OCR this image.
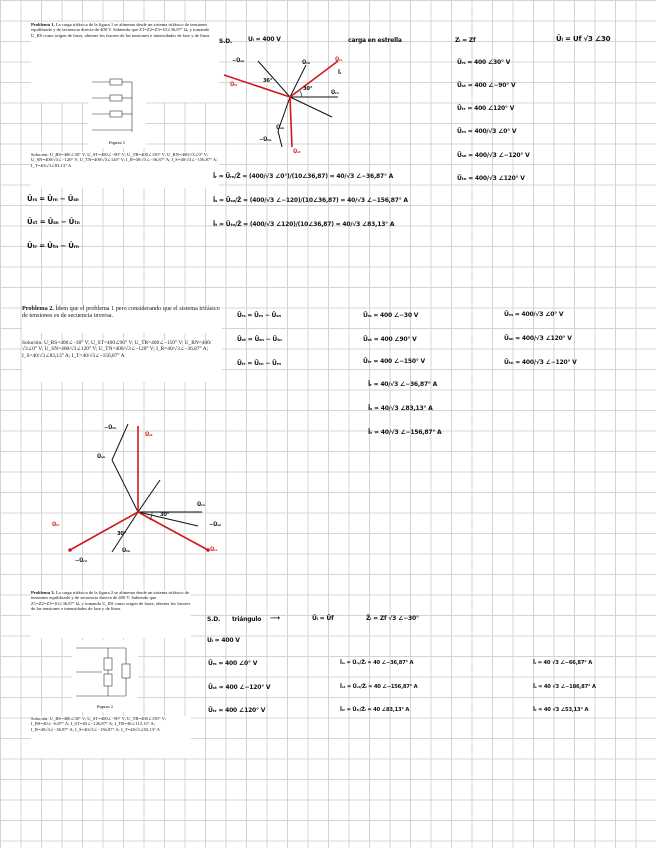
Problema 1. La carga trifásica de la figura 1 se alimenta desde un sistema trifásico de tensiones equilibrado y de secuencia directa de 400 V. Sabiendo que Z1=Z2=Z3=10∠36,87° Ω, y tomando U_RS como origen de fases, obtener los fasores de las tensiones e intensidades de fase y de línea.
Figura 1
Solución: U_RS=400∠30° V; U_ST=400∠−90° V; U_TR=400∠150° V; U_RN=400/√3∠0° V; U_SN=400/√3∠−120° V; U_TN=400/√3∠120° V; I_R=40/√3∠−36,87° A; I_S=40/√3∠−156,87° A; I_T=40/√3∠83,13° A
Ūᵣₛ = Ūᵣₙ − Ūₛₙ
Ūₛₜ = Ūₛₙ − Ūₜₙ
Ūₜᵣ = Ūₜₙ − Ūᵣₙ
S.D.	Uₗ = 400 V	carga en estrella	Zₗ = Zf	Ūₗ = Uf √3 ∠30
Ūᵣₛ
Ūₜᵣ
Ūₛₜ
−Ūₛₙ	Ūₜₙ
Ūᵣₙ
Ūₛₙ
−Ūₜₙ
Īᵣ
30°
36°
Ūᵣₛ = 400 ∠30° V
Ūₛₜ = 400 ∠−90° V
Ūₜᵣ = 400 ∠120° V
Ūᵣₙ = 400/√3 ∠0° V
Ūₛₙ = 400/√3 ∠−120° V
Ūₜₙ = 400/√3 ∠120° V
Īᵣ = Ūᵣₙ/Z̄ = (400/√3 ∠0°)/(10∠36,87) = 40/√3 ∠−36,87° A
Īₛ = Ūₛₙ/Z̄ = (400/√3 ∠−120)/(10∠36,87) = 40/√3 ∠−156,87° A
Īₜ = Ūₜₙ/Z̄ = (400/√3 ∠120)/(10∠36,87) = 40/√3 ∠83,13° A
Problema 2. Ídem que el problema 1 pero considerando que el sistema trifásico de tensiones es de secuencia inversa.
Solución: U_RS=400∠−30° V; U_ST=400∠90° V; U_TR=400∠−150° V; U_RN=400/√3∠0° V; U_SN=400/√3∠120° V; U_TN=400/√3∠−120° V; I_R=40/√3∠−36,87° A; I_S=40/√3∠83,13° A; I_T=40/√3∠−156,87° A
Ūᵣₛ = Ūᵣₙ − Ūₛₙ
Ūₛₜ = Ūₛₙ − Ūₜₙ
Ūₜᵣ = Ūₜₙ − Ūᵣₙ
Ūᵣₛ = 400 ∠−30 V
Ūₛₜ = 400 ∠90° V
Ūₜᵣ = 400 ∠−150° V
Ūᵣₙ = 400/√3 ∠0° V
Ūₛₙ = 400/√3 ∠120° V
Ūₜₙ = 400/√3 ∠−120° V
Īᵣ = 40/√3 ∠−36,87° A
Īₛ = 40/√3 ∠83,13° A
Īₜ = 40/√3 ∠−156,87° A
−Ūₜₙ
Ūₛₜ
Ūₛₙ
Ūᵣₙ
−Ūₛₙ
Ūₜᵣ
Ūᵣₛ
Ūₜₙ
−Ūᵣₙ
30°
30°
Problema 3. La carga trifásica de la figura 2 se alimenta desde un sistema trifásico de tensiones equilibrado y de secuencia directa de 400 V. Sabiendo que Z1=Z2=Z3=10∠36,87° Ω, y tomando U_RS como origen de fases, obtener los fasores de las tensiones e intensidades de fase y de línea.
Figura 2
Solución: U_RS=400∠30° V; U_ST=400∠−90° V; U_TR=400∠150° V; I_RS=40∠−6,87° A; I_ST=40∠−126,87° A; I_TR=40∠113,13° A; I_R=40√3∠−36,87° A; I_S=40√3∠−156,87° A; I_T=40√3∠83,13° A
S.D. triángulo ⟶	Ūₗ = Ūf	Z̄ₗ = Zf √3 ∠−30°
Uₗ = 400 V
Ūᵣₛ = 400 ∠0° V
Ūₛₜ = 400 ∠−120° V
Ūₜᵣ = 400 ∠120° V
Īᵣₛ = Ūᵣₛ/Z̄ₗ = 40 ∠−36,87° A
Īₛₜ = Ūₛₜ/Z̄ₗ = 40 ∠−156,87° A
Īₜᵣ = Ūₜᵣ/Z̄ₗ = 40 ∠83,13° A
Īᵣ = 40 √3 ∠−66,87° A
Īₛ = 40 √3 ∠−186,87° A
Īₜ = 40 √3 ∠53,13° A
